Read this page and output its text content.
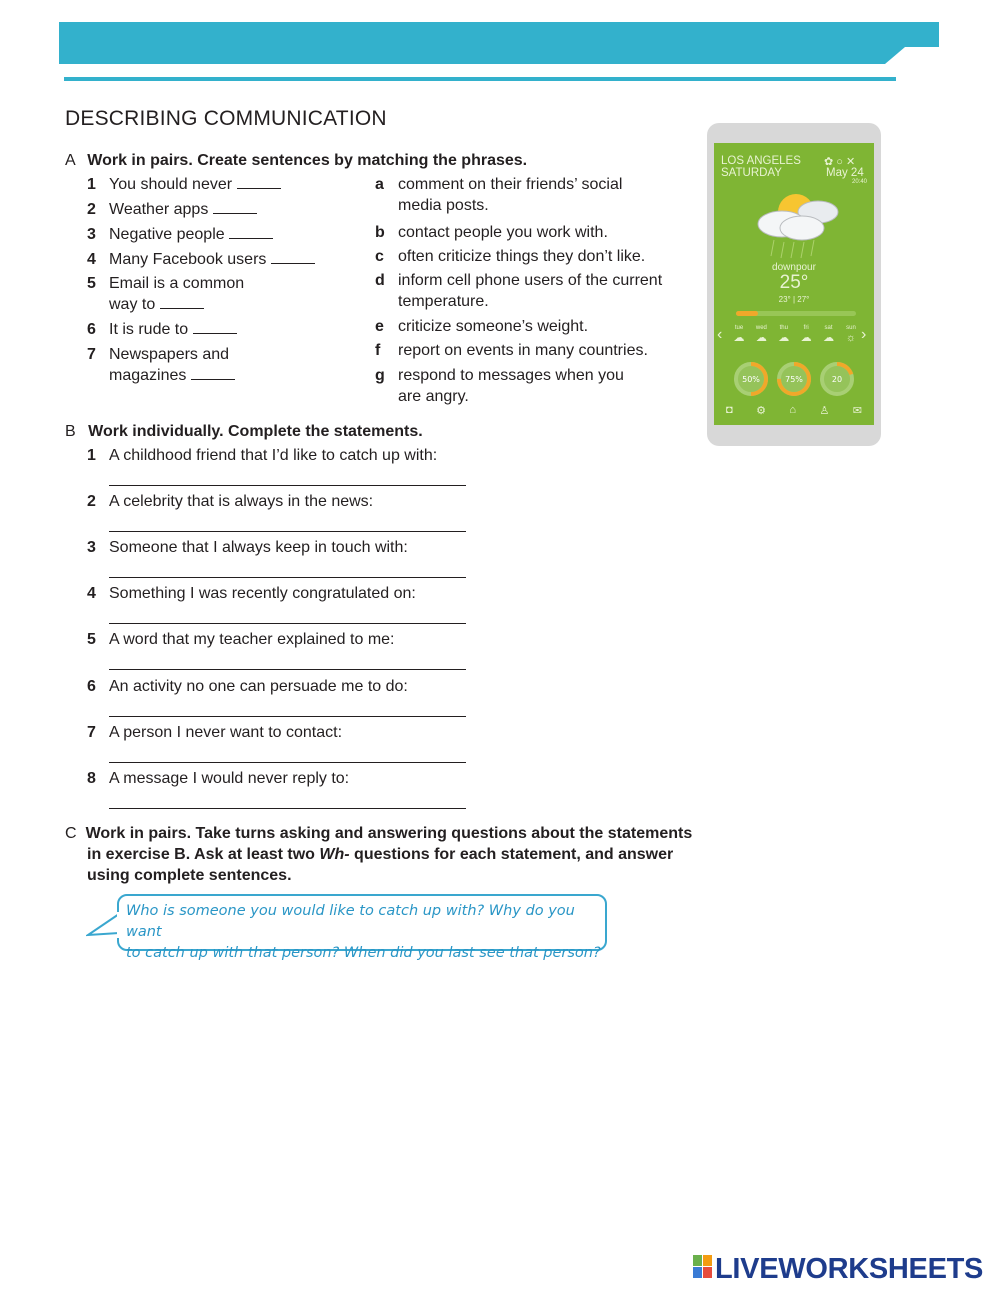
DESCRIBING COMMUNICATION
A Work in pairs. Create sentences by matching the phrases.
1 You should never
2 Weather apps
3 Negative people
4 Many Facebook users
5 Email is a common
way to
6 It is rude to
7 Newspapers and
magazines
a comment on their friends’ social
media posts.
b contact people you work with.
c often criticize things they don’t like.
d inform cell phone users of the current
temperature.
e criticize someone’s weight.
f report on events in many countries.
g respond to messages when you
are angry.
B Work individually. Complete the statements.
1 A childhood friend that I’d like to catch up with:
2 A celebrity that is always in the news:
3 Someone that I always keep in touch with:
4 Something I was recently congratulated on:
5 A word that my teacher explained to me:
6 An activity no one can persuade me to do:
7 A person I never want to contact:
8 A message I would never reply to:
C Work in pairs. Take turns asking and answering questions about the statements
in exercise B. Ask at least two Wh- questions for each statement, and answer
using complete sentences.
Who is someone you would like to catch up with? Why do you want
to catch up with that person? When did you last see that person?
LOS ANGELES
SATURDAY
✿ ○ ✕
May 24
20:40
downpour
25°
23° | 27°
‹	›
tue
☁
wed
☁
thu
☁
fri
☁
sat
☁
sun
☼
50%	75%	20
◘ ⚙ ⌂ ♙ ✉
LIVEWORKSHEETS
